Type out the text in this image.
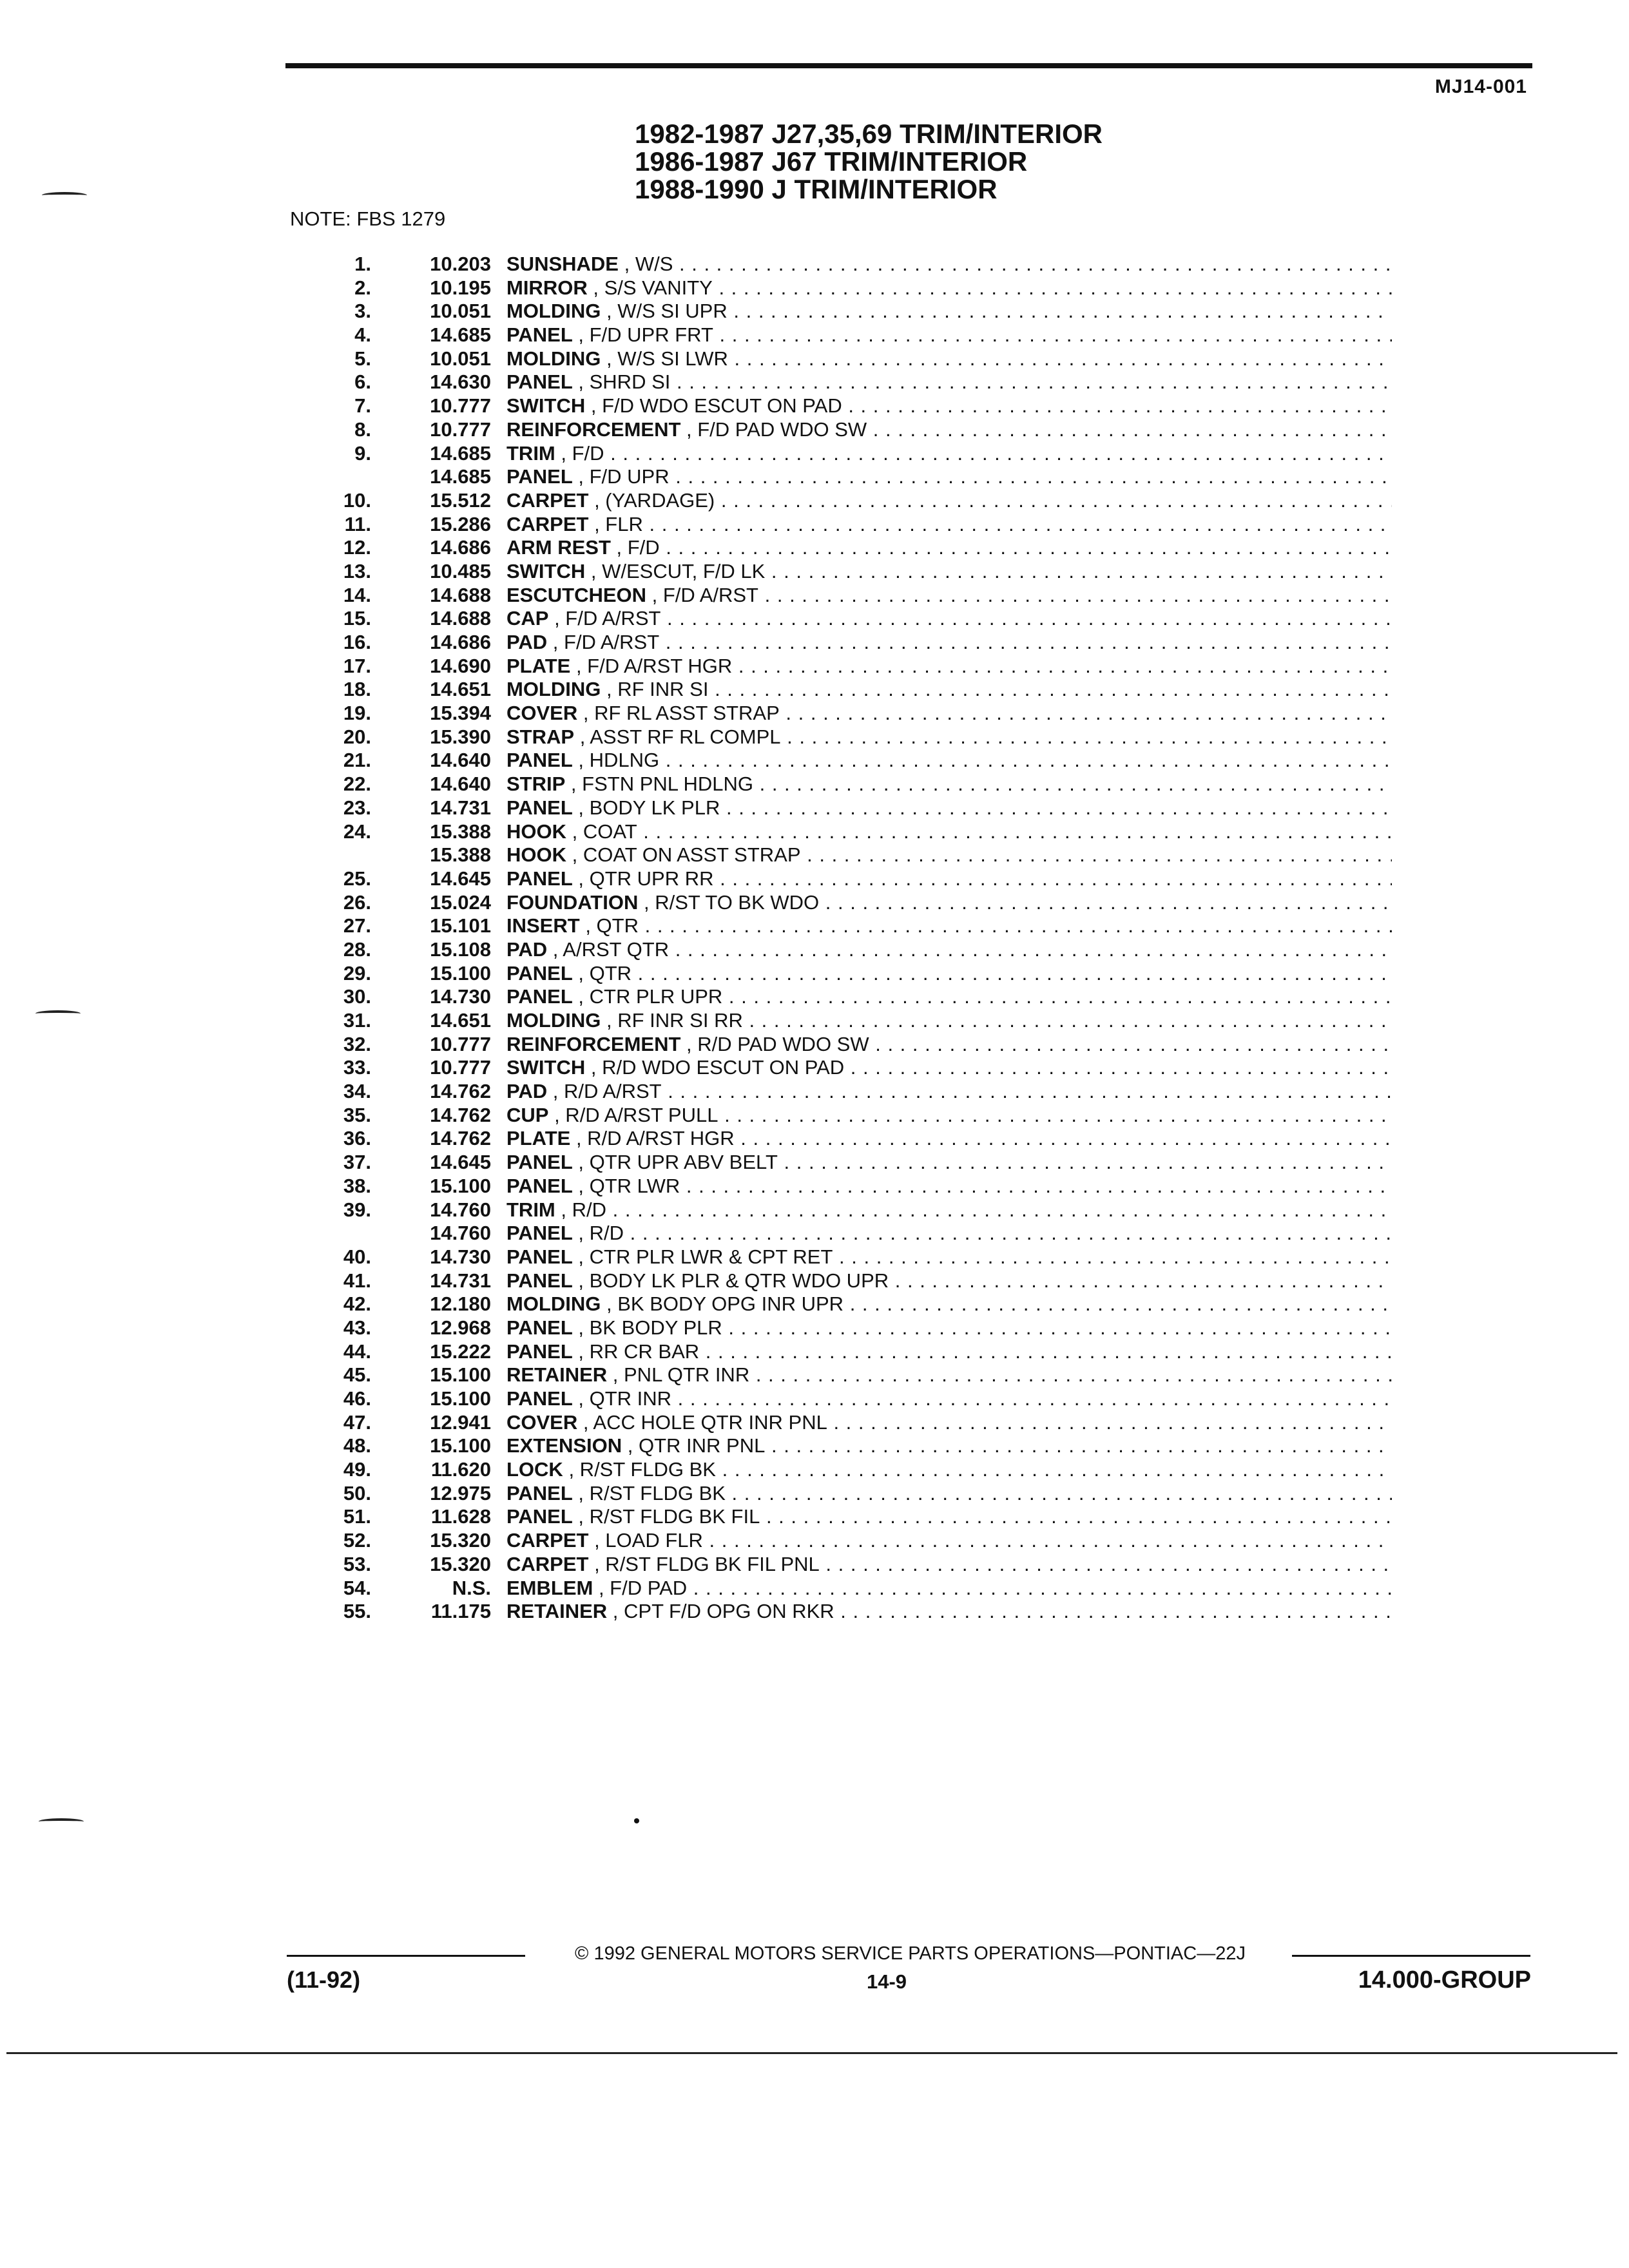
MJ14-001
1982-1987 J27,35,69 TRIM/INTERIOR
1986-1987 J67 TRIM/INTERIOR
1988-1990 J TRIM/INTERIOR
NOTE: FBS 1279
1.	10.203 SUNSHADE , W/S . . .
2.	10.195 MIRROR , S/S VANITY . . .
3.	10.051 MOLDING , W/S SI UPR . . .
4.	14.685 PANEL , F/D UPR FRT . . .
5.	10.051 MOLDING , W/S SI LWR . . .
6.	14.630 PANEL , SHRD SI . . .
7.	10.777 SWITCH , F/D WDO ESCUT ON PAD . . .
8.	10.777 REINFORCEMENT , F/D PAD WDO SW . . .
9.	14.685 TRIM , F/D . . .
14.685 PANEL , F/D UPR . . .
10.	15.512 CARPET , (YARDAGE) . . .
11.	15.286 CARPET , FLR . . .
12.	14.686 ARM REST , F/D . . .
13.	10.485 SWITCH , W/ESCUT, F/D LK . . .
14.	14.688 ESCUTCHEON , F/D A/RST . . .
15.	14.688 CAP , F/D A/RST . . .
16.	14.686 PAD , F/D A/RST . . .
17.	14.690 PLATE , F/D A/RST HGR . . .
18.	14.651 MOLDING , RF INR SI . . .
19.	15.394 COVER , RF RL ASST STRAP . . .
20.	15.390 STRAP , ASST RF RL COMPL . . .
21.	14.640 PANEL , HDLNG . . .
22.	14.640 STRIP , FSTN PNL HDLNG . . .
23.	14.731 PANEL , BODY LK PLR . . .
24.	15.388 HOOK , COAT . . .
15.388 HOOK , COAT ON ASST STRAP . . .
25.	14.645 PANEL , QTR UPR RR . . .
26.	15.024 FOUNDATION , R/ST TO BK WDO . . .
27.	15.101 INSERT , QTR . . .
28.	15.108 PAD , A/RST QTR . . .
29.	15.100 PANEL , QTR . . .
30.	14.730 PANEL , CTR PLR UPR . . .
31.	14.651 MOLDING , RF INR SI RR . . .
32.	10.777 REINFORCEMENT , R/D PAD WDO SW . . .
33.	10.777 SWITCH , R/D WDO ESCUT ON PAD . . .
34.	14.762 PAD , R/D A/RST . . .
35.	14.762 CUP , R/D A/RST PULL . . .
36.	14.762 PLATE , R/D A/RST HGR . . .
37.	14.645 PANEL , QTR UPR ABV BELT . . .
38.	15.100 PANEL , QTR LWR . . .
39.	14.760 TRIM , R/D . . .
14.760 PANEL , R/D . . .
40.	14.730 PANEL , CTR PLR LWR & CPT RET . . .
41.	14.731 PANEL , BODY LK PLR & QTR WDO UPR . . .
42.	12.180 MOLDING , BK BODY OPG INR UPR . . .
43.	12.968 PANEL , BK BODY PLR . . .
44.	15.222 PANEL , RR CR BAR . . .
45.	15.100 RETAINER , PNL QTR INR . . .
46.	15.100 PANEL , QTR INR . . .
47.	12.941 COVER , ACC HOLE QTR INR PNL . . .
48.	15.100 EXTENSION , QTR INR PNL . . .
49.	11.620 LOCK , R/ST FLDG BK . . .
50.	12.975 PANEL , R/ST FLDG BK . . .
51.	11.628 PANEL , R/ST FLDG BK FIL . . .
52.	15.320 CARPET , LOAD FLR . . .
53.	15.320 CARPET , R/ST FLDG BK FIL PNL . . .
54.	N.S. EMBLEM , F/D PAD . . .
55.	11.175 RETAINER , CPT F/D OPG ON RKR . . .
© 1992 GENERAL MOTORS SERVICE PARTS OPERATIONS—PONTIAC—22J
(11-92)	14-9	14.000-GROUP
